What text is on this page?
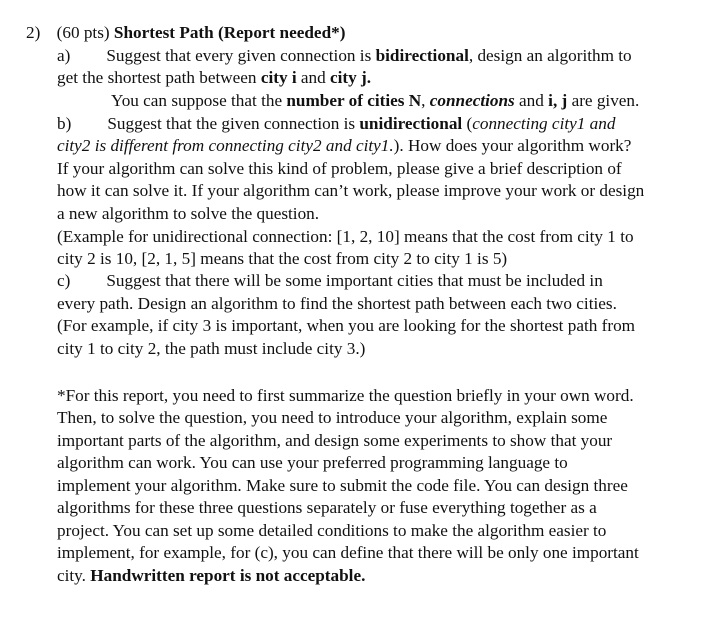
2) (60 pts) Shortest Path (Report needed*)
a) Suggest that every given connection is bidirectional, design an algorithm to
get the shortest path between city i and city j.
You can suppose that the number of cities N, connections and i, j are given.
b) Suggest that the given connection is unidirectional (connecting city1 and
city2 is different from connecting city2 and city1.). How does your algorithm work?
If your algorithm can solve this kind of problem, please give a brief description of
how it can solve it. If your algorithm can’t work, please improve your work or design
a new algorithm to solve the question.
(Example for unidirectional connection: [1, 2, 10] means that the cost from city 1 to
city 2 is 10, [2, 1, 5] means that the cost from city 2 to city 1 is 5)
c) Suggest that there will be some important cities that must be included in
every path. Design an algorithm to find the shortest path between each two cities.
(For example, if city 3 is important, when you are looking for the shortest path from
city 1 to city 2, the path must include city 3.)
*For this report, you need to first summarize the question briefly in your own word.
Then, to solve the question, you need to introduce your algorithm, explain some
important parts of the algorithm, and design some experiments to show that your
algorithm can work. You can use your preferred programming language to
implement your algorithm. Make sure to submit the code file. You can design three
algorithms for these three questions separately or fuse everything together as a
project. You can set up some detailed conditions to make the algorithm easier to
implement, for example, for (c), you can define that there will be only one important
city. Handwritten report is not acceptable.
